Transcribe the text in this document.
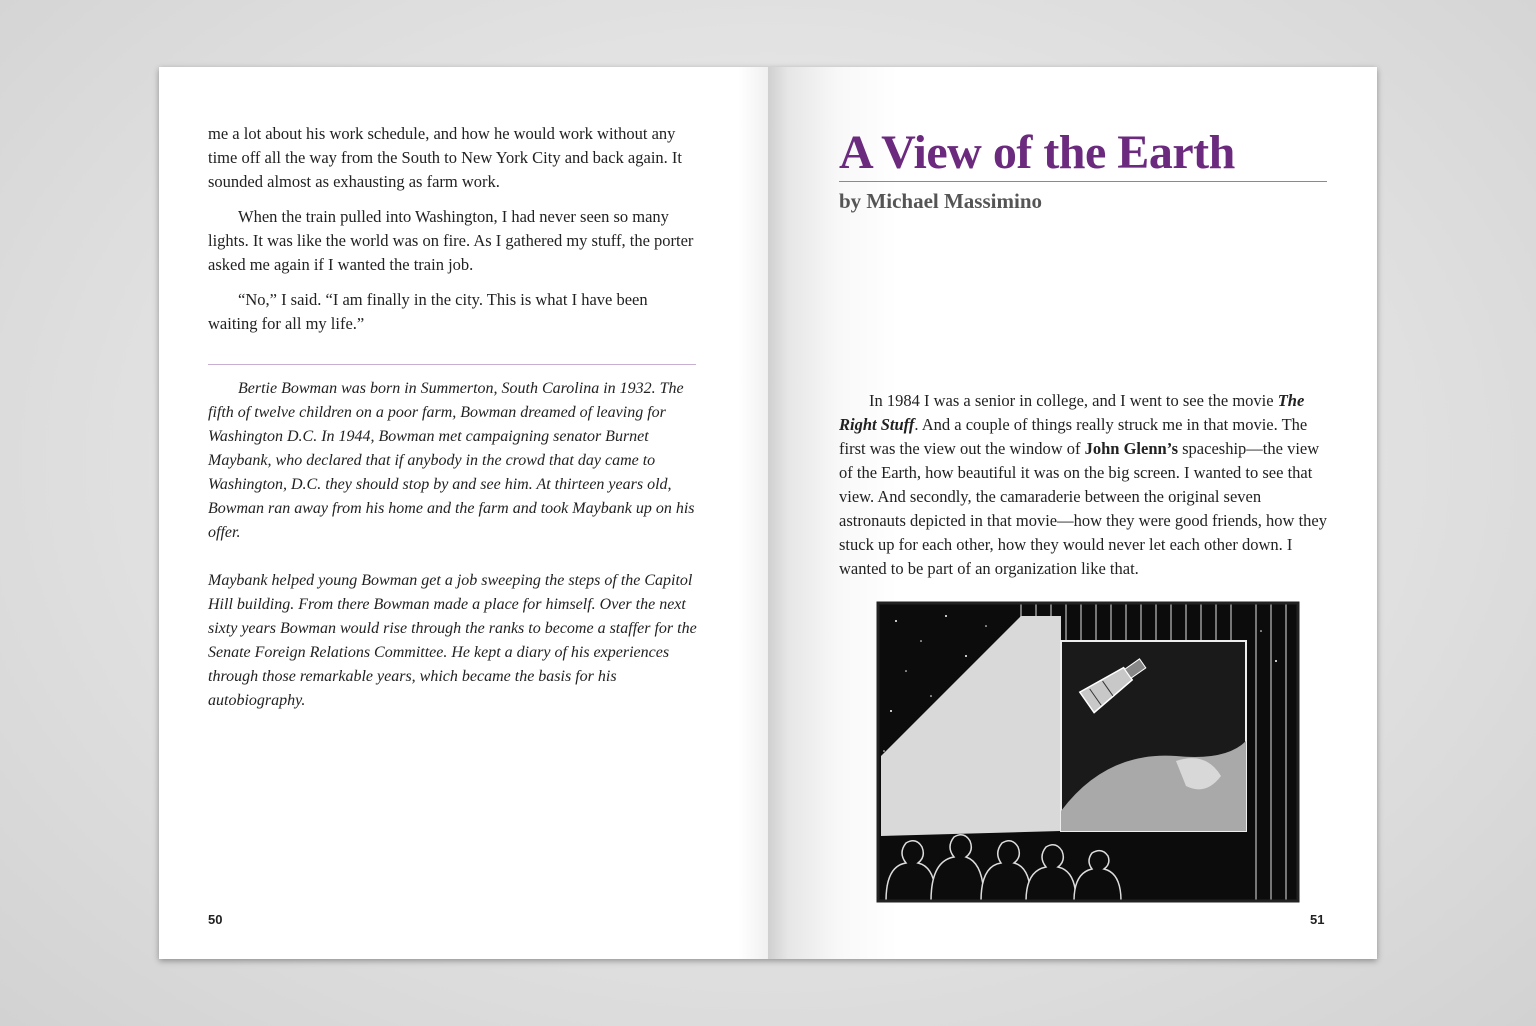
me a lot about his work schedule, and how he would work without any time off all the way from the South to New York City and back again. It sounded almost as exhausting as farm work.

When the train pulled into Washington, I had never seen so many lights. It was like the world was on fire. As I gathered my stuff, the porter asked me again if I wanted the train job.

“No,” I said. “I am finally in the city. This is what I have been waiting for all my life.”

Bertie Bowman was born in Summerton, South Carolina in 1932. The fifth of twelve children on a poor farm, Bowman dreamed of leaving for Washington D.C. In 1944, Bowman met campaigning senator Burnet Maybank, who declared that if anybody in the crowd that day came to Washington, D.C. they should stop by and see him. At thirteen years old, Bowman ran away from his home and the farm and took Maybank up on his offer.

Maybank helped young Bowman get a job sweeping the steps of the Capitol Hill building. From there Bowman made a place for himself. Over the next sixty years Bowman would rise through the ranks to become a staffer for the Senate Foreign Relations Committee. He kept a diary of his experiences through those remarkable years, which became the basis for his autobiography.

50
A View of the Earth

by Michael Massimino

In 1984 I was a senior in college, and I went to see the movie The Right Stuff. And a couple of things really struck me in that movie. The first was the view out the window of John Glenn’s spaceship—the view of the Earth, how beautiful it was on the big screen. I wanted to see that view. And secondly, the camaraderie between the original seven astronauts depicted in that movie—how they were good friends, how they stuck up for each other, how they would never let each other down. I wanted to be part of an organization like that.

51
